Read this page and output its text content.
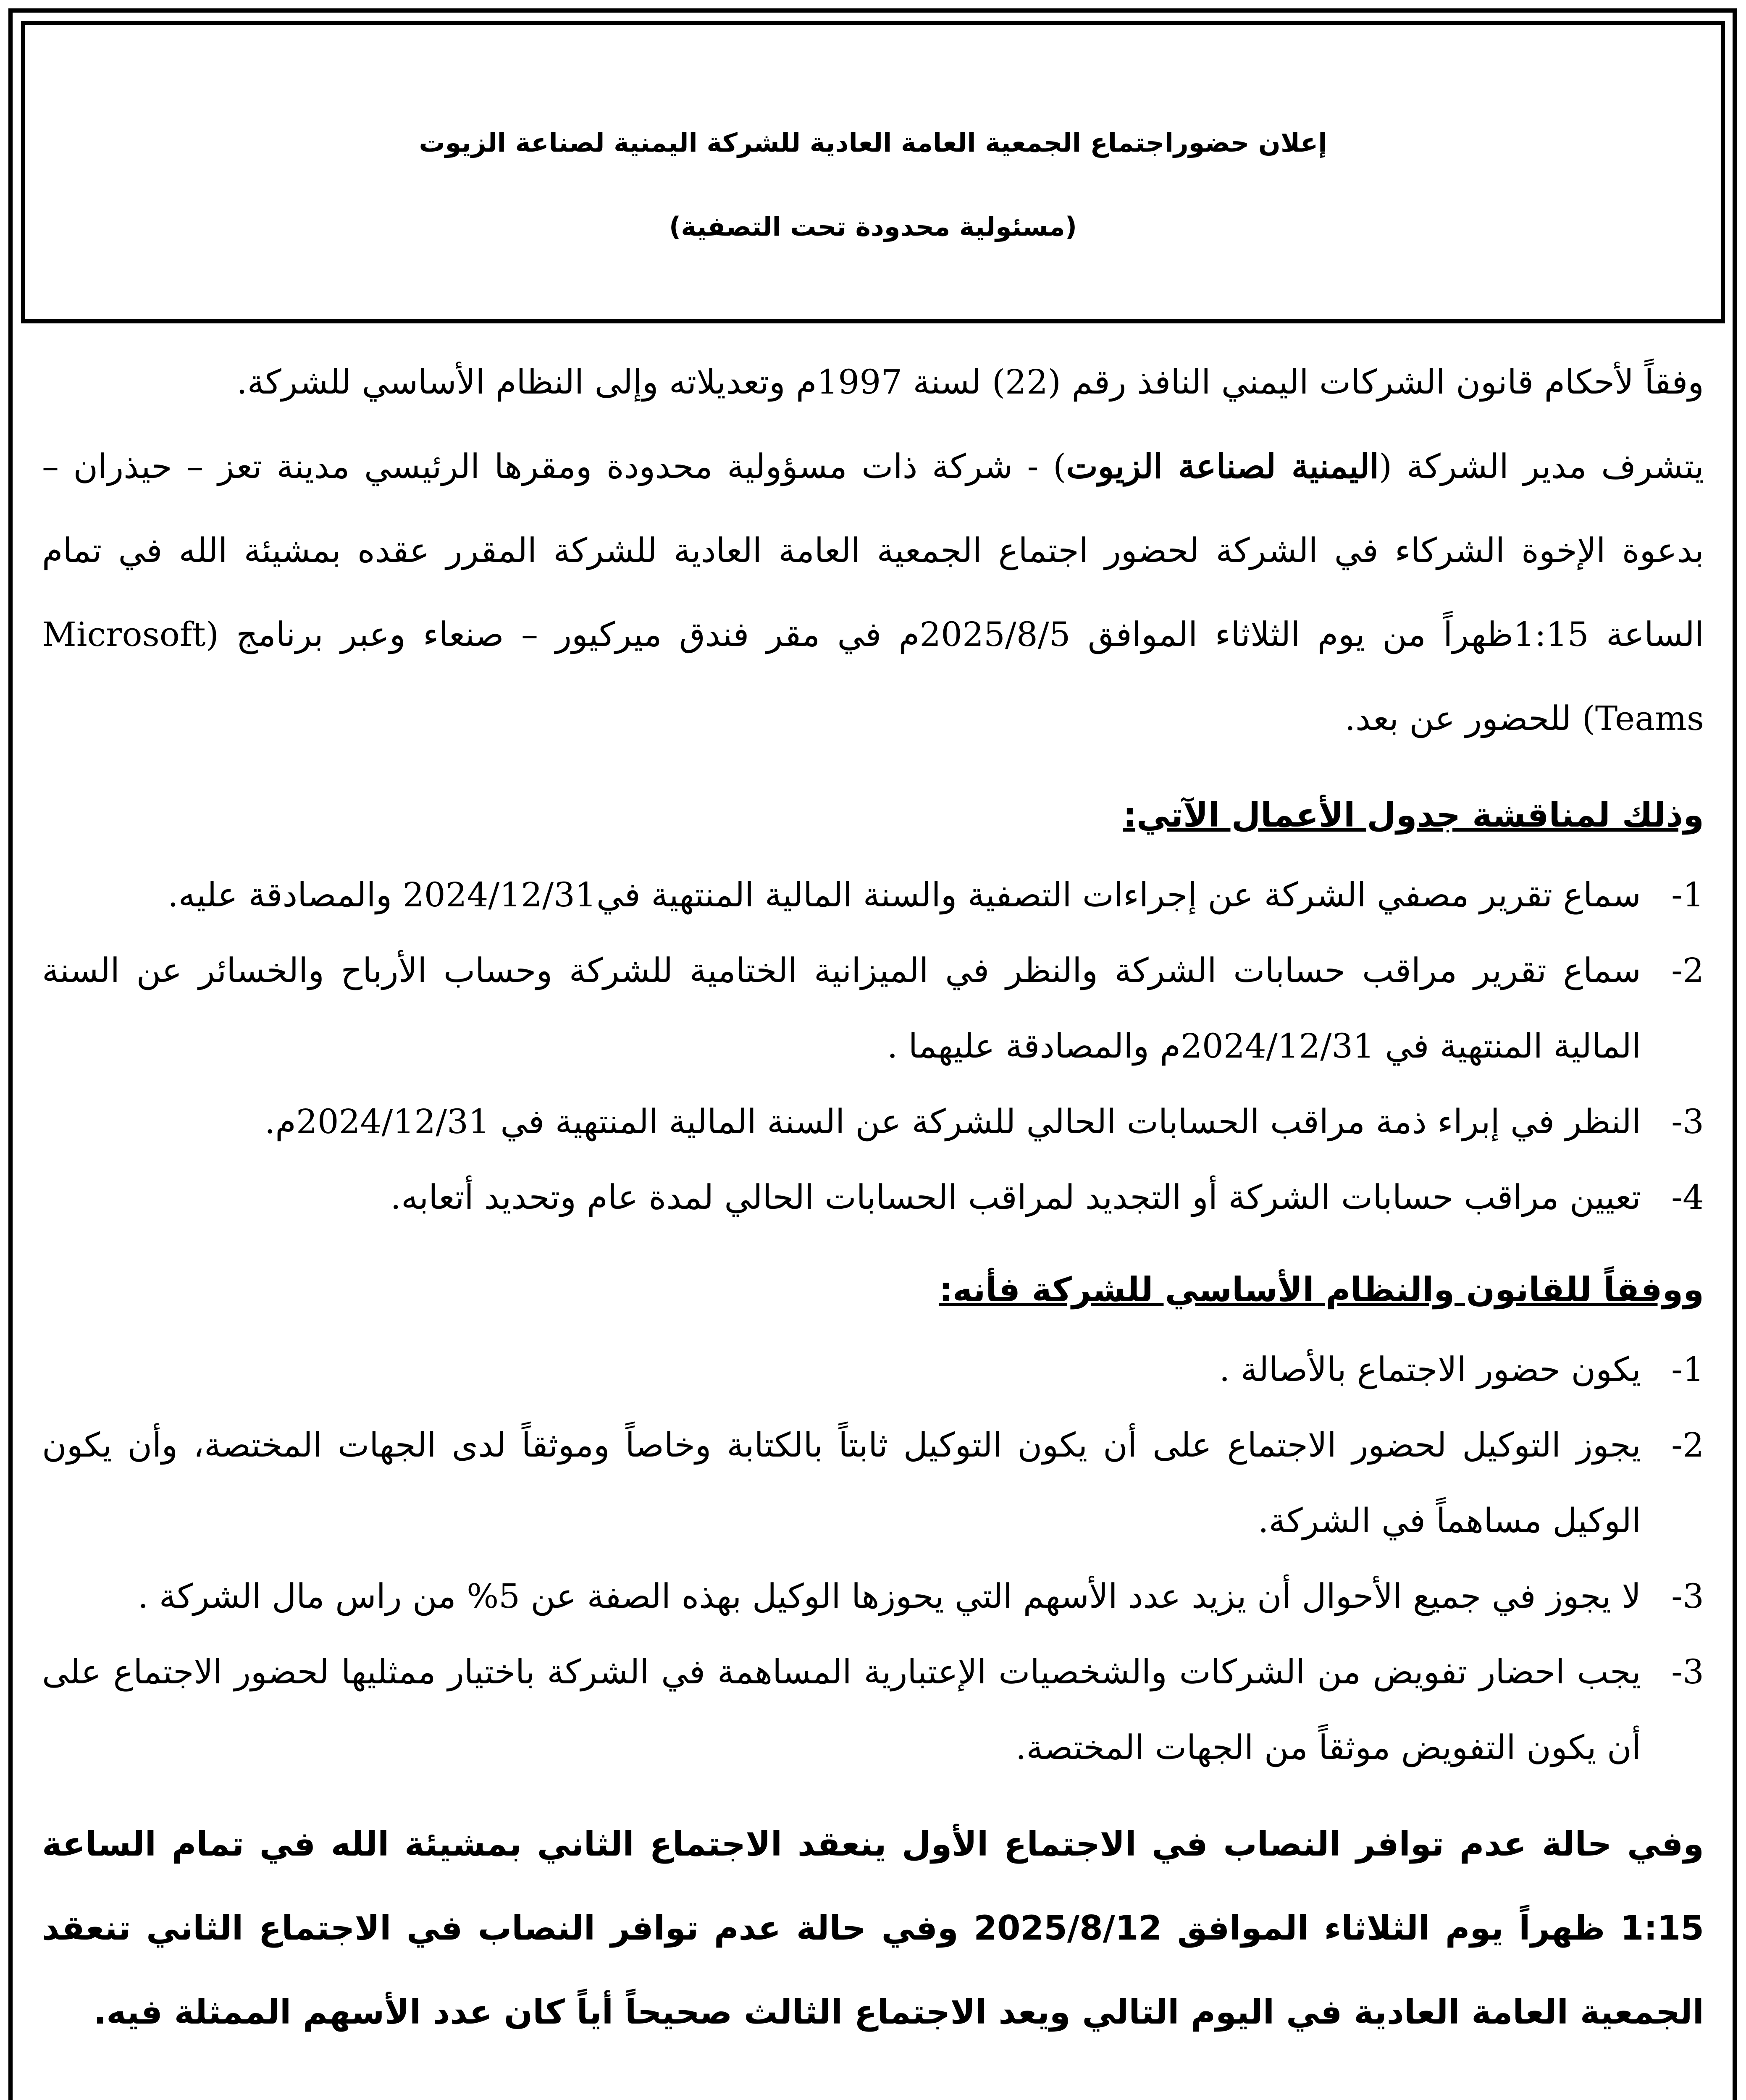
إعلان حضوراجتماع الجمعية العامة العادية للشركة اليمنية لصناعة الزيوت
(مسئولية محدودة تحت التصفية)

وفقاً لأحكام قانون الشركات اليمني النافذ رقم (22) لسنة 1997م وتعديلاته وإلى النظام الأساسي للشركة.

يتشرف مدير الشركة (اليمنية لصناعة الزيوت) - شركة ذات مسؤولية محدودة ومقرها الرئيسي مدينة تعز – حيذران – بدعوة الإخوة الشركاء في الشركة لحضور اجتماع الجمعية العامة العادية للشركة المقرر عقده بمشيئة الله في تمام الساعة 1:15ظهراً من يوم الثلاثاء الموافق 2025/8/5م في مقر فندق ميركيور – صنعاء وعبر برنامج (Microsoft Teams) للحضور عن بعد.

وذلك لمناقشة جدول الأعمال الآتي:
1-
سماع تقرير مصفي الشركة عن إجراءات التصفية والسنة المالية المنتهية في2024/12/31 والمصادقة عليه.
2-
سماع تقرير مراقب حسابات الشركة والنظر في الميزانية الختامية للشركة وحساب الأرباح والخسائر عن السنة المالية المنتهية في 2024/12/31م والمصادقة عليهما .
3-
النظر في إبراء ذمة مراقب الحسابات الحالي للشركة عن السنة المالية المنتهية في 2024/12/31م.
4-
تعيين مراقب حسابات الشركة أو التجديد لمراقب الحسابات الحالي لمدة عام وتحديد أتعابه.
ووفقاً للقانون والنظام الأساسي للشركة فأنه:
1-
يكون حضور الاجتماع بالأصالة .
2-
يجوز التوكيل لحضور الاجتماع على أن يكون التوكيل ثابتاً بالكتابة وخاصاً وموثقاً لدى الجهات المختصة، وأن يكون الوكيل مساهماً في الشركة.
3-
لا يجوز في جميع الأحوال أن يزيد عدد الأسهم التي يحوزها الوكيل بهذه الصفة عن 5% من راس مال الشركة .
3-
يجب احضار تفويض من الشركات والشخصيات الإعتبارية المساهمة في الشركة باختيار ممثليها لحضور الاجتماع على أن يكون التفويض موثقاً من الجهات المختصة.

وفي حالة عدم توافر النصاب في الاجتماع الأول ينعقد الاجتماع الثاني بمشيئة الله في تمام الساعة 1:15 ظهراً يوم الثلاثاء الموافق 2025/8/12 وفي حالة عدم توافر النصاب في الاجتماع الثاني تنعقد الجمعية العامة العادية في اليوم التالي ويعد الاجتماع الثالث صحيحاً أياً كان عدد الأسهم الممثلة فيه.
